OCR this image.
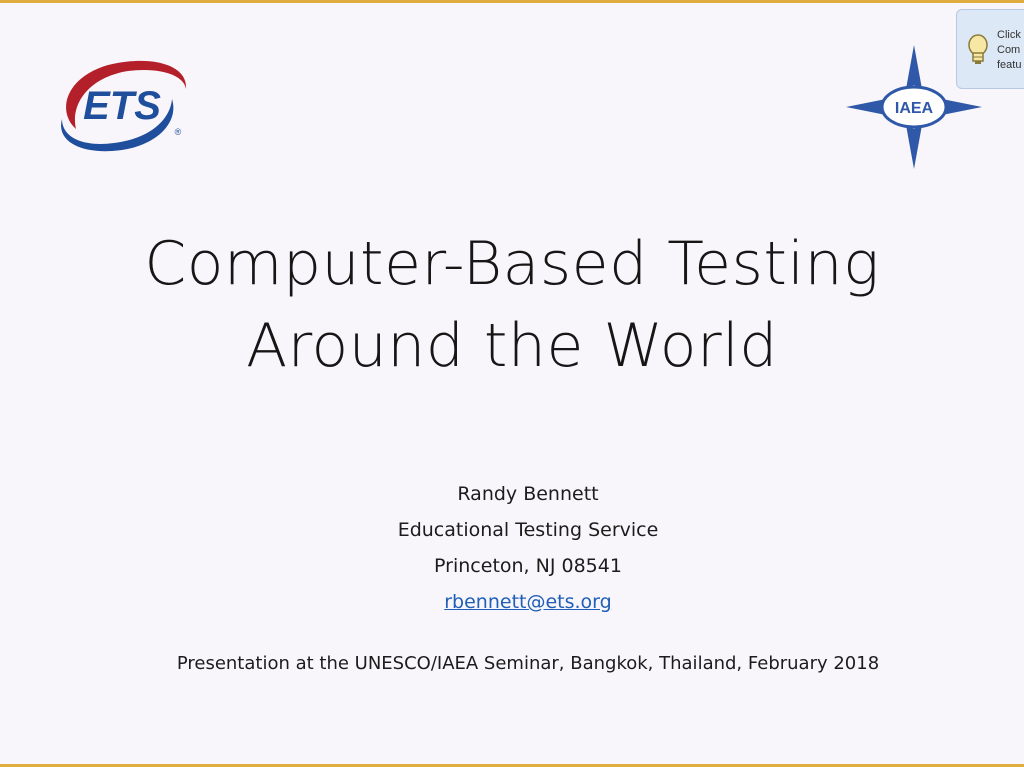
ETS
®
IAEA
Click
Com
featu
Computer-Based Testing
Around the World
Randy Bennett
Educational Testing Service
Princeton, NJ 08541
rbennett@ets.org
Presentation at the UNESCO/IAEA Seminar, Bangkok, Thailand, February 2018
